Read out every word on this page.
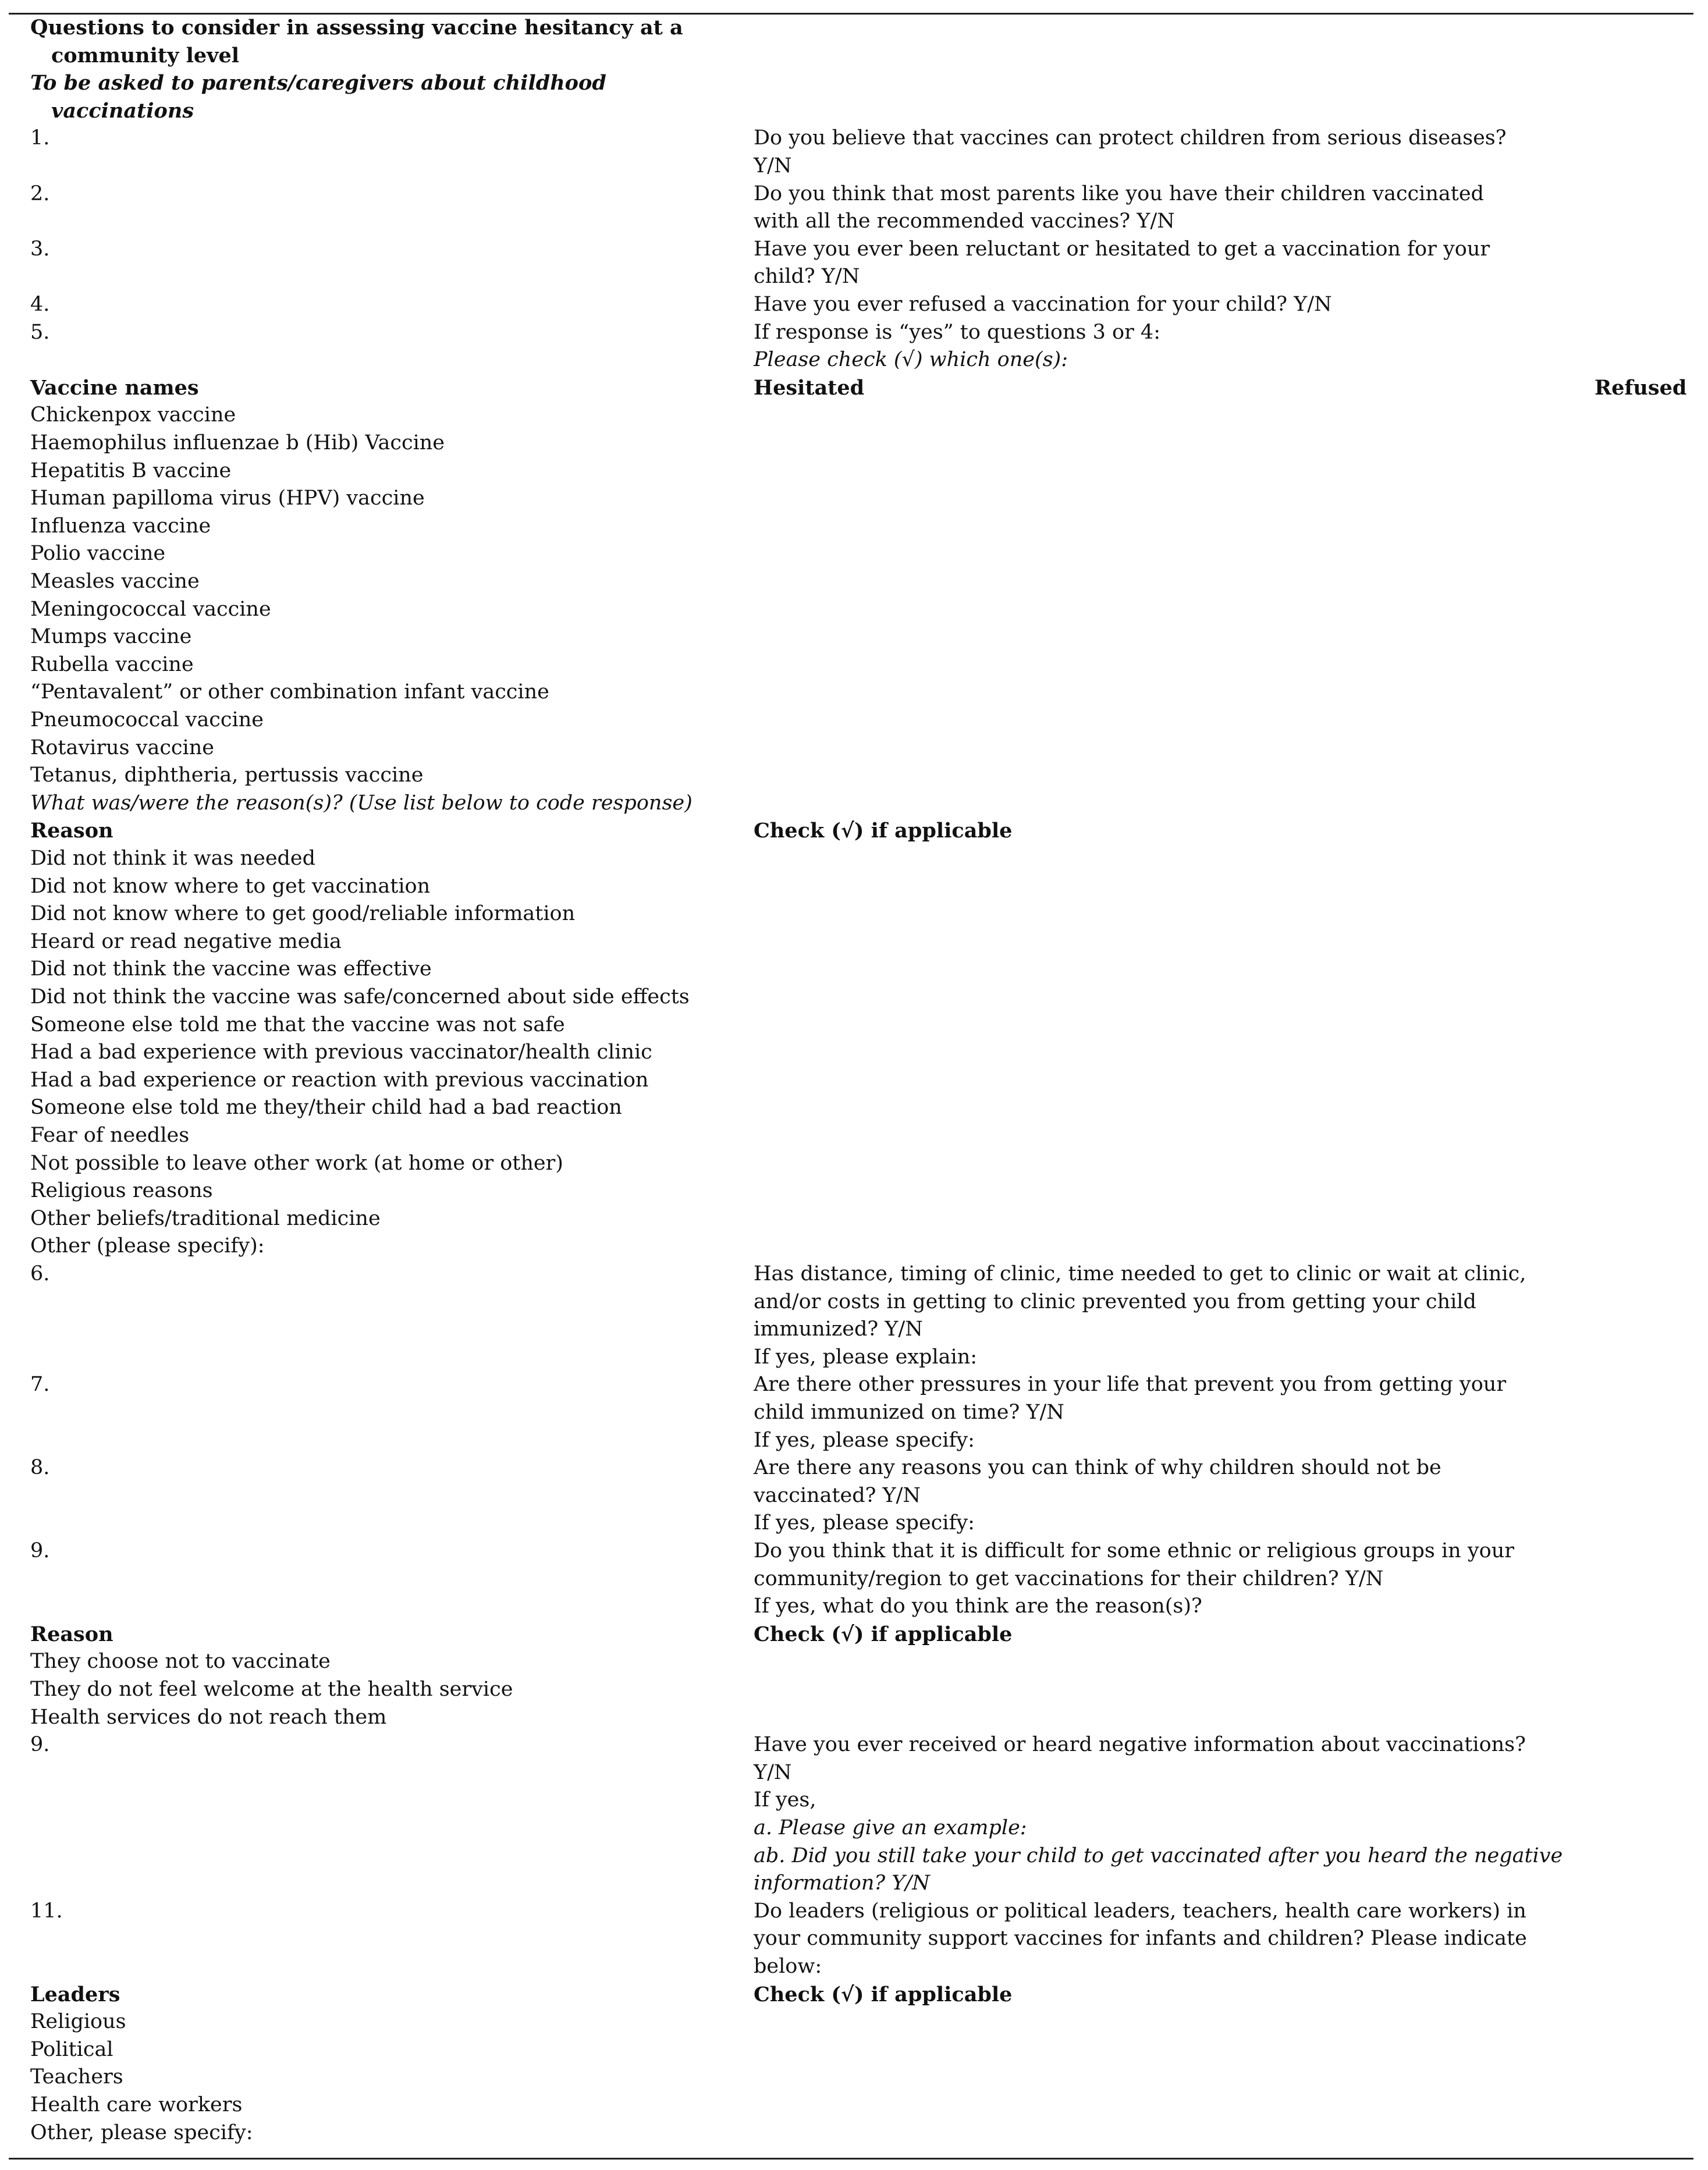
Questions to consider in assessing vaccine hesitancy at a
community level
To be asked to parents/caregivers about childhood
vaccinations
1.	Do you believe that vaccines can protect children from serious diseases?
Y/N
2.	Do you think that most parents like you have their children vaccinated
with all the recommended vaccines? Y/N
3.	Have you ever been reluctant or hesitated to get a vaccination for your
child? Y/N
4.	Have you ever refused a vaccination for your child? Y/N
5.	If response is “yes” to questions 3 or 4:
Please check (√) which one(s):
Vaccine names	Hesitated	Refused
Chickenpox vaccine
Haemophilus influenzae b (Hib) Vaccine
Hepatitis B vaccine
Human papilloma virus (HPV) vaccine
Influenza vaccine
Polio vaccine
Measles vaccine
Meningococcal vaccine
Mumps vaccine
Rubella vaccine
“Pentavalent” or other combination infant vaccine
Pneumococcal vaccine
Rotavirus vaccine
Tetanus, diphtheria, pertussis vaccine
What was/were the reason(s)? (Use list below to code response)
Reason	Check (√) if applicable
Did not think it was needed
Did not know where to get vaccination
Did not know where to get good/reliable information
Heard or read negative media
Did not think the vaccine was effective
Did not think the vaccine was safe/concerned about side effects
Someone else told me that the vaccine was not safe
Had a bad experience with previous vaccinator/health clinic
Had a bad experience or reaction with previous vaccination
Someone else told me they/their child had a bad reaction
Fear of needles
Not possible to leave other work (at home or other)
Religious reasons
Other beliefs/traditional medicine
Other (please specify):
6.	Has distance, timing of clinic, time needed to get to clinic or wait at clinic,
and/or costs in getting to clinic prevented you from getting your child
immunized? Y/N
If yes, please explain:
7.	Are there other pressures in your life that prevent you from getting your
child immunized on time? Y/N
If yes, please specify:
8.	Are there any reasons you can think of why children should not be
vaccinated? Y/N
If yes, please specify:
9.	Do you think that it is difficult for some ethnic or religious groups in your
community/region to get vaccinations for their children? Y/N
If yes, what do you think are the reason(s)?
Reason	Check (√) if applicable
They choose not to vaccinate
They do not feel welcome at the health service
Health services do not reach them
9.	Have you ever received or heard negative information about vaccinations?
Y/N
If yes,
a. Please give an example:
ab. Did you still take your child to get vaccinated after you heard the negative
information? Y/N
11.	Do leaders (religious or political leaders, teachers, health care workers) in
your community support vaccines for infants and children? Please indicate
below:
Leaders	Check (√) if applicable
Religious
Political
Teachers
Health care workers
Other, please specify:
